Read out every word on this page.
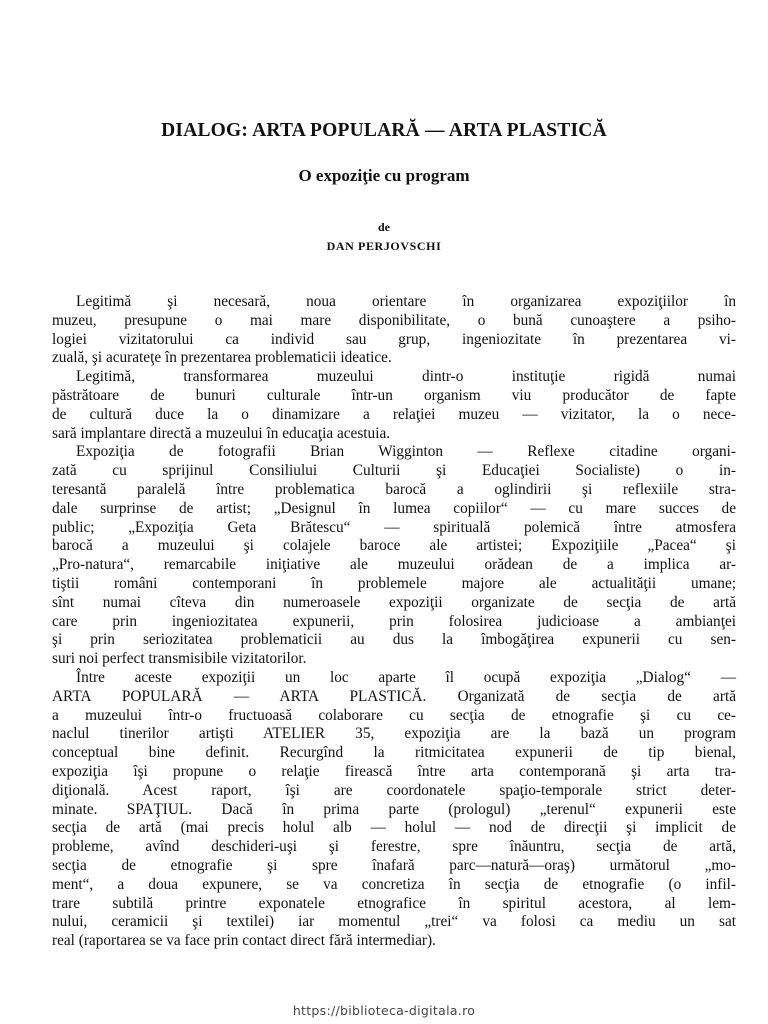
DIALOG: ARTA POPULARĂ — ARTA PLASTICĂ
O expoziţie cu program
de
DAN PERJOVSCHI
Legitimă şi necesară, noua orientare în organizarea expoziţiilor în
muzeu, presupune o mai mare disponibilitate, o bună cunoaştere a psiho-
logiei vizitatorului ca individ sau grup, ingeniozitate în prezentarea vi-
zuală, şi acurateţe în prezentarea problematicii ideatice.
Legitimă, transformarea muzeului dintr-o instituţie rigidă numai
păstrătoare de bunuri culturale într-un organism viu producător de fapte
de cultură duce la o dinamizare a relaţiei muzeu — vizitator, la o nece-
sară implantare directă a muzeului în educaţia acestuia.
Expoziţia de fotografii Brian Wigginton — Reflexe citadine organi-
zată cu sprijinul Consiliului Culturii şi Educaţiei Socialiste) o in-
teresantă paralelă între problematica barocă a oglindirii şi reflexiile stra-
dale surprinse de artist; „Designul în lumea copiilor“ — cu mare succes de
public; „Expoziţia Geta Brătescu“ — spirituală polemică între atmosfera
barocă a muzeului şi colajele baroce ale artistei; Expoziţiile „Pacea“ şi
„Pro-natura“, remarcabile iniţiative ale muzeului orădean de a implica ar-
tiştii români contemporani în problemele majore ale actualităţii umane;
sînt numai cîteva din numeroasele expoziţii organizate de secţia de artă
care prin ingeniozitatea expunerii, prin folosirea judicioase a ambianţei
şi prin seriozitatea problematicii au dus la îmbogăţirea expunerii cu sen-
suri noi perfect transmisibile vizitatorilor.
Între aceste expoziţii un loc aparte îl ocupă expoziţia „Dialog“ —
ARTA POPULARĂ — ARTA PLASTICĂ. Organizată de secţia de artă
a muzeului într-o fructuoasă colaborare cu secţia de etnografie şi cu ce-
naclul tinerilor artişti ATELIER 35, expoziţia are la bază un program
conceptual bine definit. Recurgînd la ritmicitatea expunerii de tip bienal,
expoziţia îşi propune o relaţie firească între arta contemporană şi arta tra-
diţională. Acest raport, îşi are coordonatele spaţio-temporale strict deter-
minate. SPAŢIUL. Dacă în prima parte (prologul) „terenul“ expunerii este
secţia de artă (mai precis holul alb — holul — nod de direcţii şi implicit de
probleme, avînd deschideri-uşi şi ferestre, spre înăuntru, secţia de artă,
secţia de etnografie şi spre înafară parc—natură—oraş) următorul „mo-
ment“, a doua expunere, se va concretiza în secţia de etnografie (o infil-
trare subtilă printre exponatele etnografice în spiritul acestora, al lem-
nului, ceramicii şi textilei) iar momentul „trei“ va folosi ca mediu un sat
real (raportarea se va face prin contact direct fără intermediar).
https://biblioteca-digitala.ro
